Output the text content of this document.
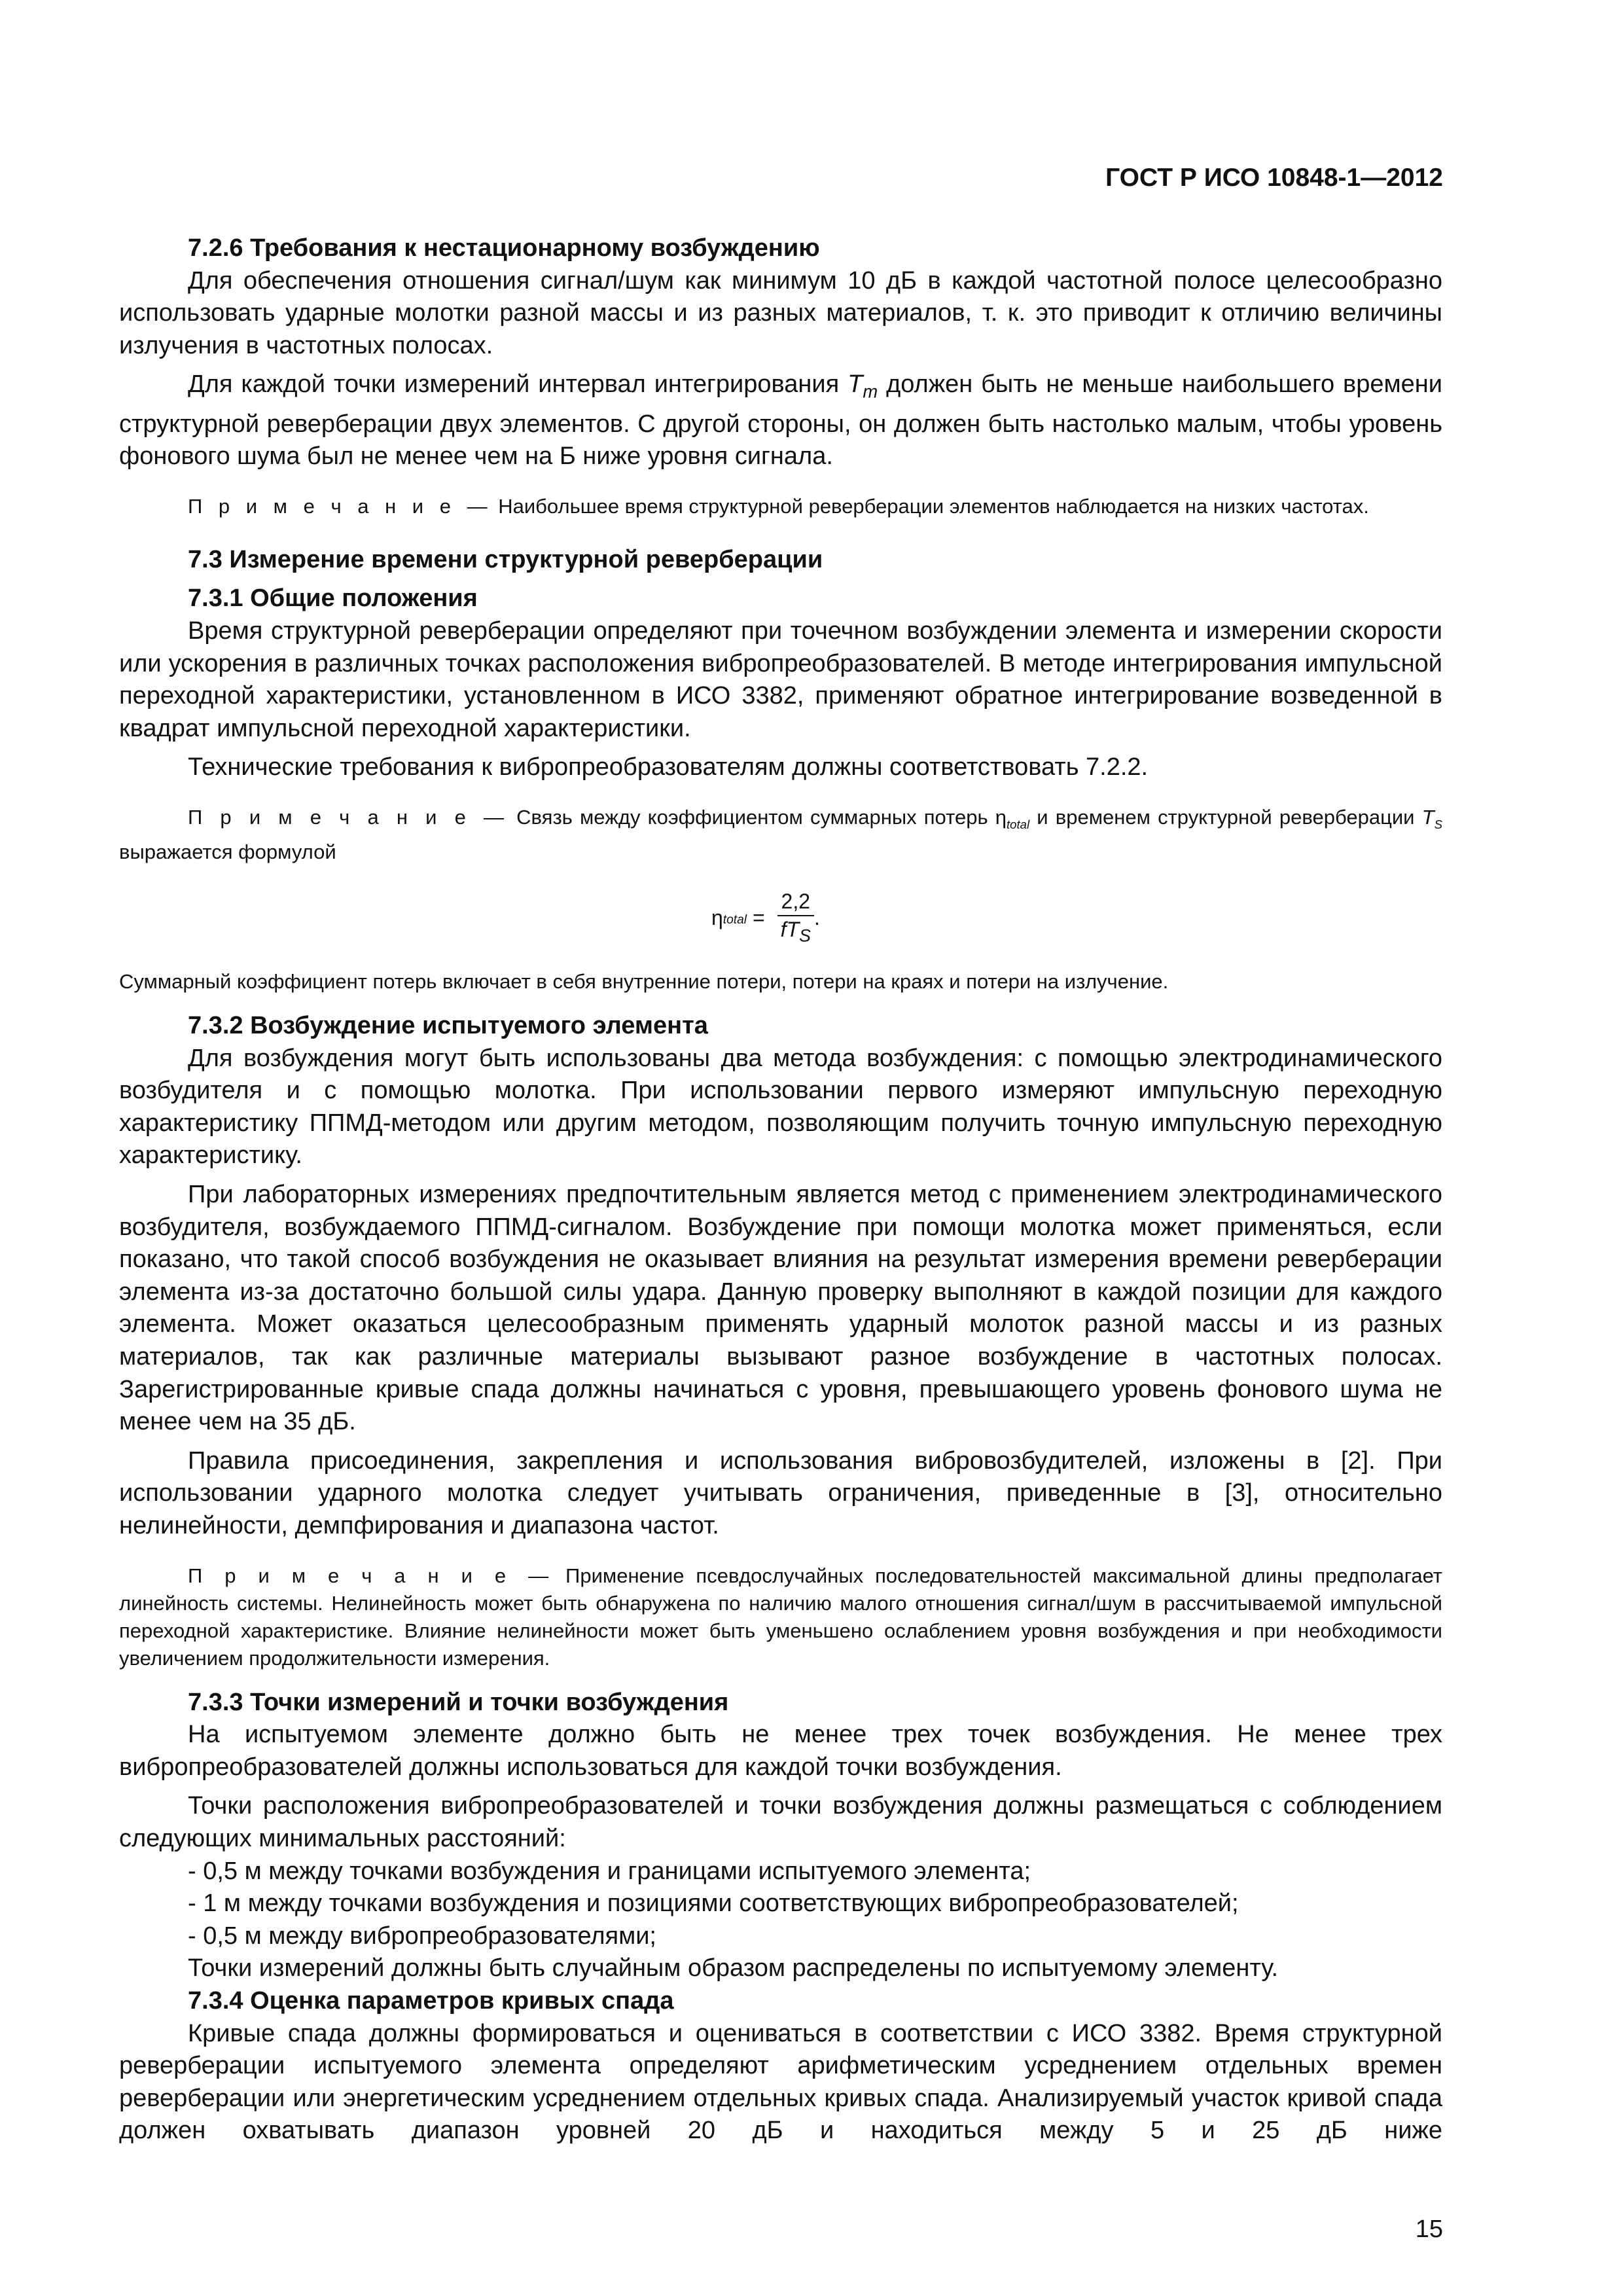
ГОСТ Р ИСО 10848-1—2012
7.2.6 Требования к нестационарному возбуждению

Для обеспечения отношения сигнал/шум как минимум 10 дБ в каждой частотной полосе целесообразно использовать ударные молотки разной массы и из разных материалов, т. к. это приводит к отличию величины излучения в частотных полосах.

Для каждой точки измерений интервал интегрирования $T_m$ должен быть не меньше наибольшего времени структурной реверберации двух элементов. С другой стороны, он должен быть настолько малым, чтобы уровень фонового шума был не менее чем на Б ниже уровня сигнала.

П р и м е ч а н и е — Наибольшее время структурной реверберации элементов наблюдается на низких частотах.

7.3 Измерение времени структурной реверберации
7.3.1 Общие положения

Время структурной реверберации определяют при точечном возбуждении элемента и измерении скорости или ускорения в различных точках расположения вибропреобразователей. В методе интегрирования импульсной переходной характеристики, установленном в ИСО 3382, применяют обратное интегрирование возведенной в квадрат импульсной переходной характеристики.

Технические требования к вибропреобразователям должны соответствовать 7.2.2.

П р и м е ч а н и е — Связь между коэффициентом суммарных потерь $\eta_{total}$ и временем структурной реверберации $T_S$ выражается формулой

η total = $\frac{2,2}{fT_S}$ .

Суммарный коэффициент потерь включает в себя внутренние потери, потери на краях и потери на излучение.

7.3.2 Возбуждение испытуемого элемента

Для возбуждения могут быть использованы два метода возбуждения: с помощью электродинамического возбудителя и с помощью молотка. При использовании первого измеряют импульсную переходную характеристику ППМД-методом или другим методом, позволяющим получить точную импульсную переходную характеристику.

При лабораторных измерениях предпочтительным является метод с применением электродинамического возбудителя, возбуждаемого ППМД-сигналом. Возбуждение при помощи молотка может применяться, если показано, что такой способ возбуждения не оказывает влияния на результат измерения времени реверберации элемента из-за достаточно большой силы удара. Данную проверку выполняют в каждой позиции для каждого элемента. Может оказаться целесообразным применять ударный молоток разной массы и из разных материалов, так как различные материалы вызывают разное возбуждение в частотных полосах. Зарегистрированные кривые спада должны начинаться с уровня, превышающего уровень фонового шума не менее чем на 35 дБ.

Правила присоединения, закрепления и использования вибровозбудителей, изложены в [2]. При использовании ударного молотка следует учитывать ограничения, приведенные в [3], относительно нелинейности, демпфирования и диапазона частот.

П р и м е ч а н и е — Применение псевдослучайных последовательностей максимальной длины предполагает линейность системы. Нелинейность может быть обнаружена по наличию малого отношения сигнал/шум в рассчитываемой импульсной переходной характеристике. Влияние нелинейности может быть уменьшено ослаблением уровня возбуждения и при необходимости увеличением продолжительности измерения.

7.3.3 Точки измерений и точки возбуждения

На испытуемом элементе должно быть не менее трех точек возбуждения. Не менее трех вибропреобразователей должны использоваться для каждой точки возбуждения.

Точки расположения вибропреобразователей и точки возбуждения должны размещаться с соблюдением следующих минимальных расстояний:

- 0,5 м между точками возбуждения и границами испытуемого элемента;

- 1 м между точками возбуждения и позициями соответствующих вибропреобразователей;

- 0,5 м между вибропреобразователями;

Точки измерений должны быть случайным образом распределены по испытуемому элементу.

7.3.4 Оценка параметров кривых спада

Кривые спада должны формироваться и оцениваться в соответствии с ИСО 3382. Время структурной реверберации испытуемого элемента определяют арифметическим усреднением отдельных времен реверберации или энергетическим усреднением отдельных кривых спада. Анализируемый участок кривой спада должен охватывать диапазон уровней 20 дБ и находиться между 5 и 25 дБ ниже

15
